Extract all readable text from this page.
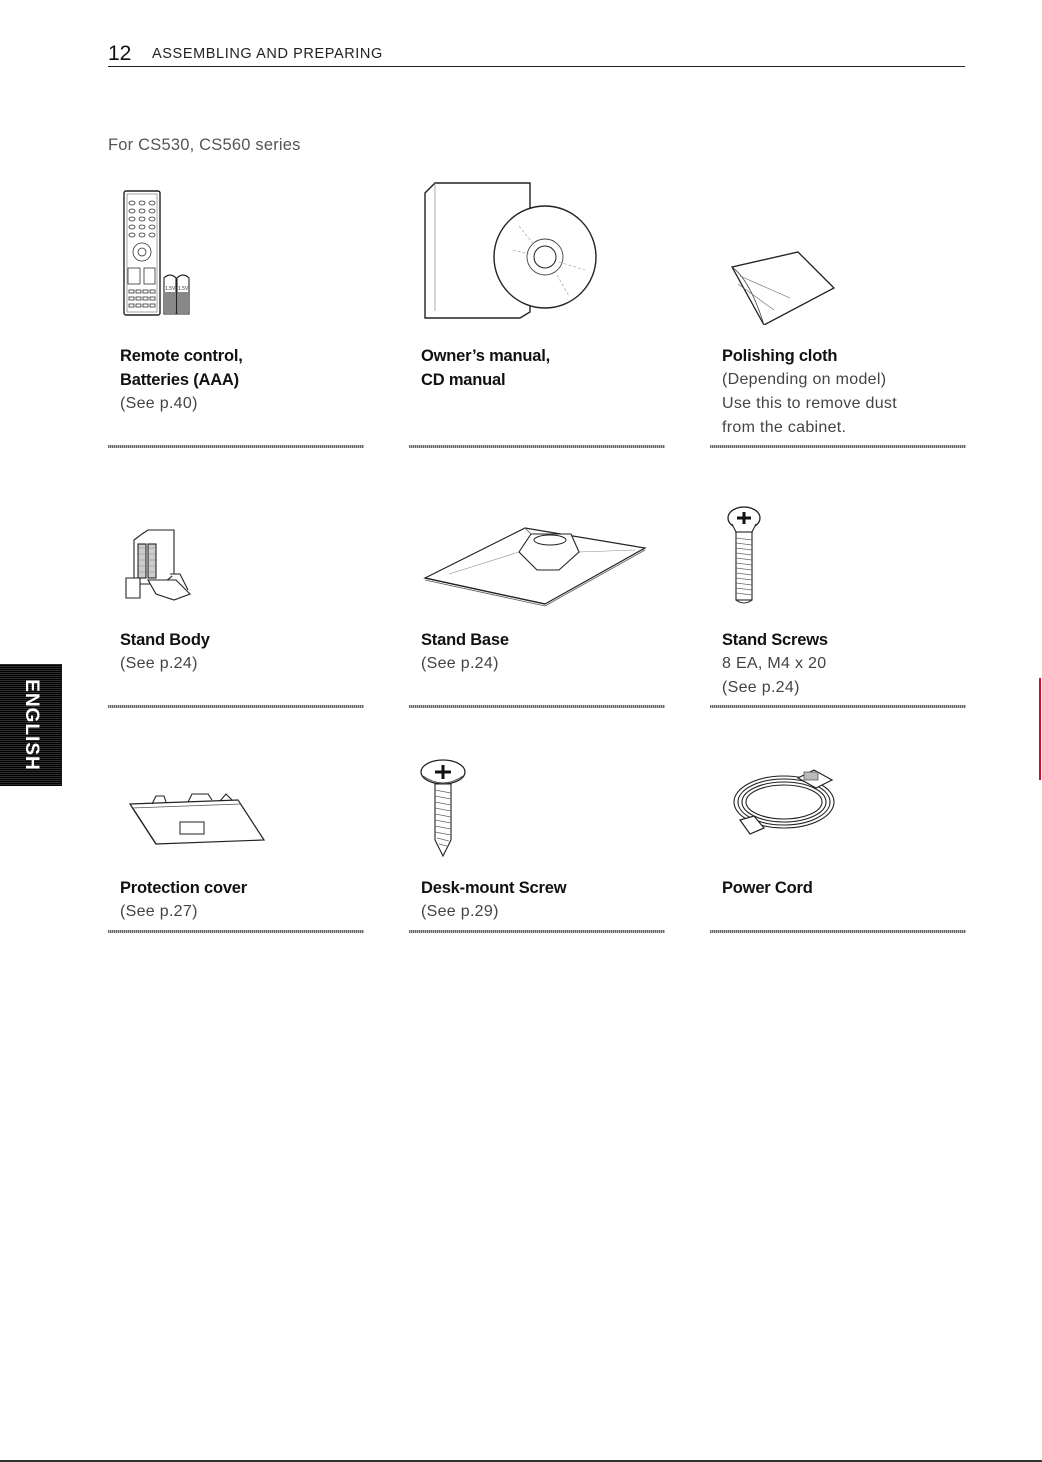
12 ASSEMBLING AND PREPARING
For CS530, CS560 series
1.5V 1.5V
Remote control,
Batteries (AAA)
(See p.40)
Owner’s manual,
CD manual
Polishing cloth
(Depending on model)
Use this to remove dust
from the cabinet.
Stand Body
(See p.24)
Stand Base
(See p.24)
Stand Screws
8 EA, M4 x 20
(See p.24)
Protection cover
(See p.27)
Desk-mount Screw
(See p.29)
Power Cord
ENGLISH
